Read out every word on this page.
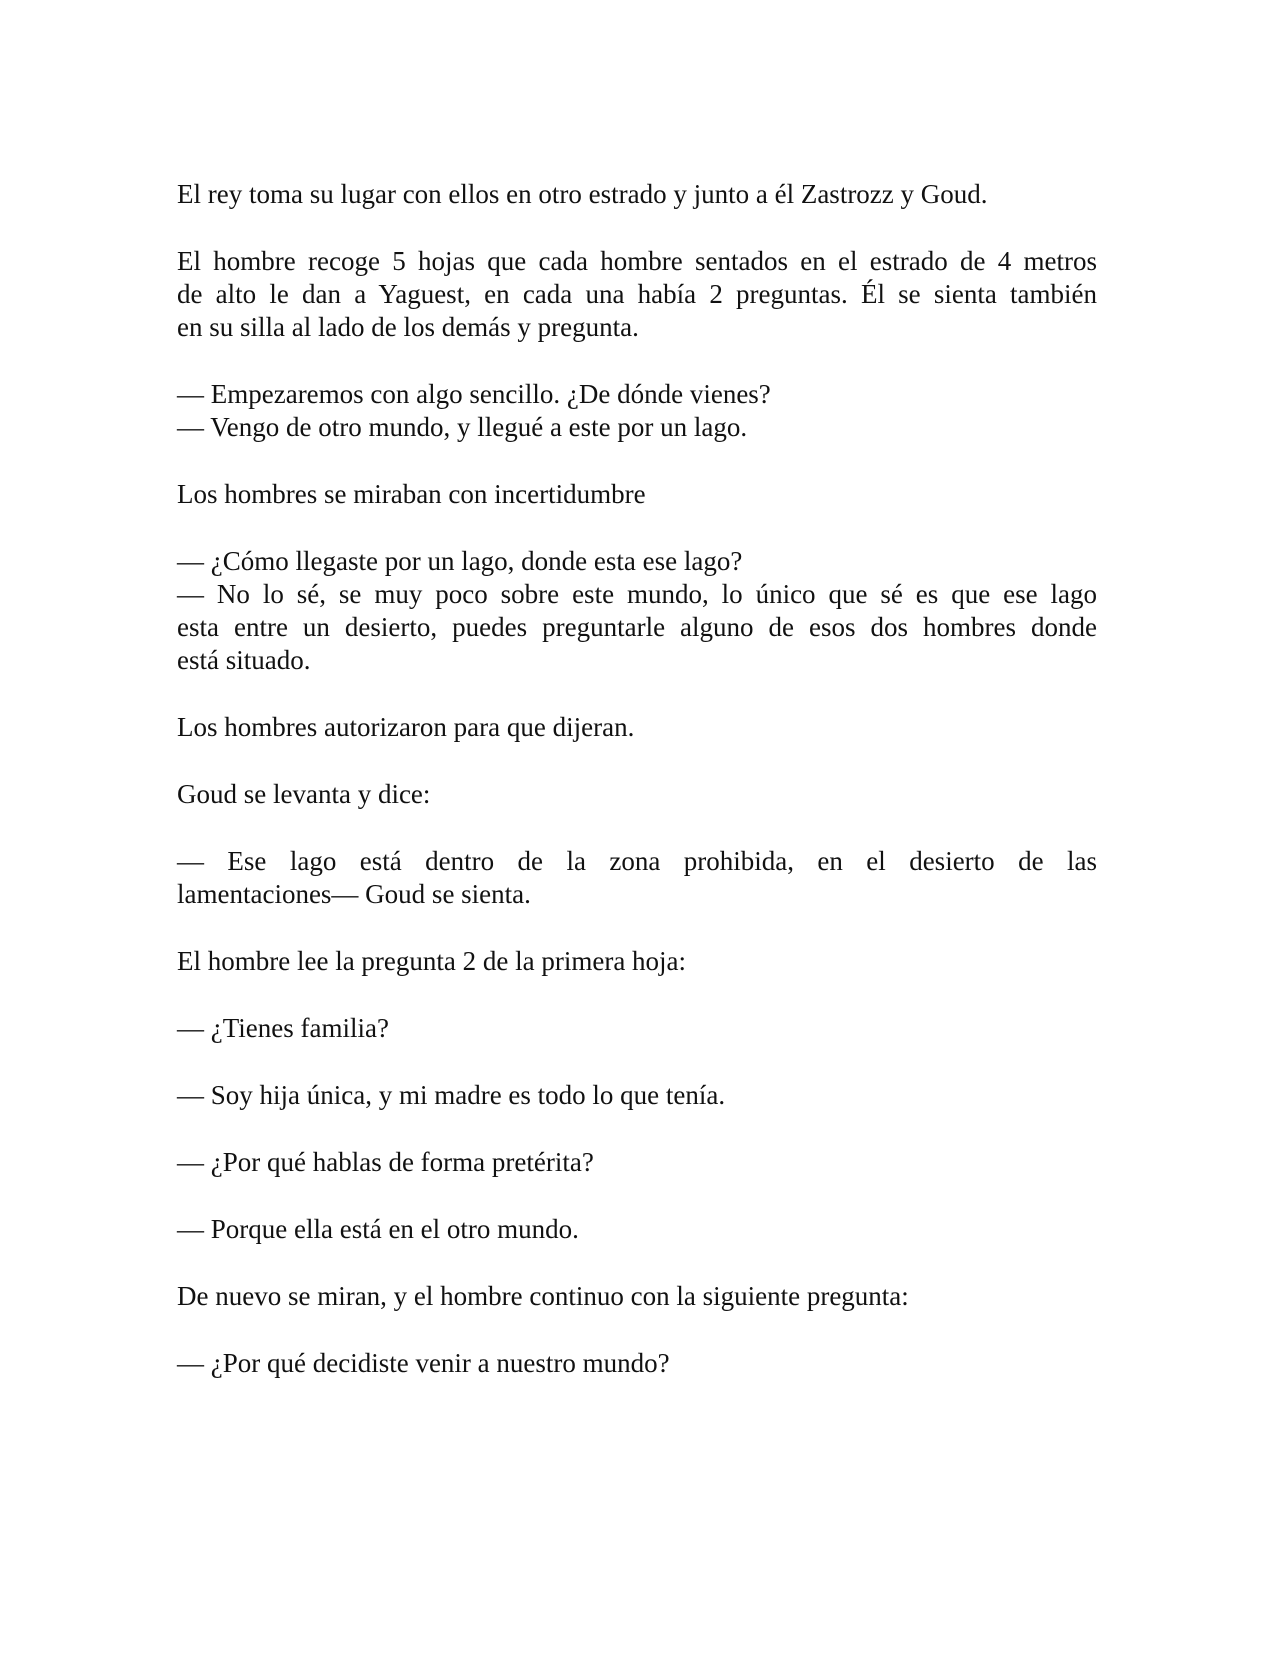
El rey toma su lugar con ellos en otro estrado y junto a él Zastrozz y Goud.
El hombre recoge 5 hojas que cada hombre sentados en el estrado de 4 metros
de alto le dan a Yaguest, en cada una había 2 preguntas. Él se sienta también
en su silla al lado de los demás y pregunta.
— Empezaremos con algo sencillo. ¿De dónde vienes?
— Vengo de otro mundo, y llegué a este por un lago.
Los hombres se miraban con incertidumbre
— ¿Cómo llegaste por un lago, donde esta ese lago?
— No lo sé, se muy poco sobre este mundo, lo único que sé es que ese lago
esta entre un desierto, puedes preguntarle alguno de esos dos hombres donde
está situado.
Los hombres autorizaron para que dijeran.
Goud se levanta y dice:
— Ese lago está dentro de la zona prohibida, en el desierto de las
lamentaciones— Goud se sienta.
El hombre lee la pregunta 2 de la primera hoja:
— ¿Tienes familia?
— Soy hija única, y mi madre es todo lo que tenía.
— ¿Por qué hablas de forma pretérita?
— Porque ella está en el otro mundo.
De nuevo se miran, y el hombre continuo con la siguiente pregunta:
— ¿Por qué decidiste venir a nuestro mundo?
